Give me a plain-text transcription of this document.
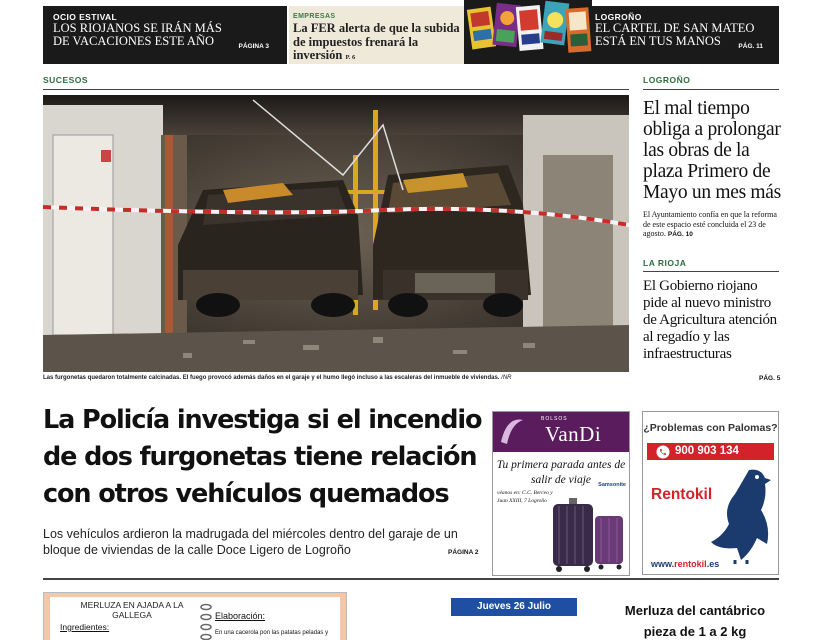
OCIO ESTIVAL
LOS RIOJANOS SE IRÁN MÁS DE VACACIONES ESTE AÑO	PÁGINA 3
EMPRESAS
La FER alerta de que la subida de impuestos frenará la inversión P. 6
LOGROÑO
EL CARTEL DE SAN MATEO ESTÁ EN TUS MANOS	PÁG. 11
SUCESOS	LOGROÑO
Las furgonetas quedaron totalmente calcinadas. El fuego provocó además daños en el garaje y el humo llegó incluso a las escaleras del inmueble de viviendas. /NR
El mal tiempo obliga a prolongar las obras de la plaza Primero de Mayo un mes más
El Ayuntamiento confía en que la reforma de este espacio esté concluida el 23 de agosto. PÁG. 10
LA RIOJA
El Gobierno riojano pide al nuevo ministro de Agricultura atención al regadío y las infraestructuras
PÁG. 5
La Policía investiga si el incendio de dos furgonetas tiene relación con otros vehículos quemados
Los vehículos ardieron la madrugada del miércoles dentro del garaje de un bloque de viviendas de la calle Doce Ligero de Logroño	PÁGINA 2
BOLSOS
VanDi
Tu primera parada antes de salir de viaje
véanos en: C.C. Berceo y Juan XXIII, 7 Logroño
Samsonite
¿Problemas con Palomas?
900 903 134
Rentokil
www.rentokil.es
MERLUZA EN AJADA A LA GALLEGA
Ingredientes:
Elaboración:
En una cacerola pon las patatas peladas y
Jueves 26 Julio	Merluza del cantábrico pieza de 1 a 2 kg
